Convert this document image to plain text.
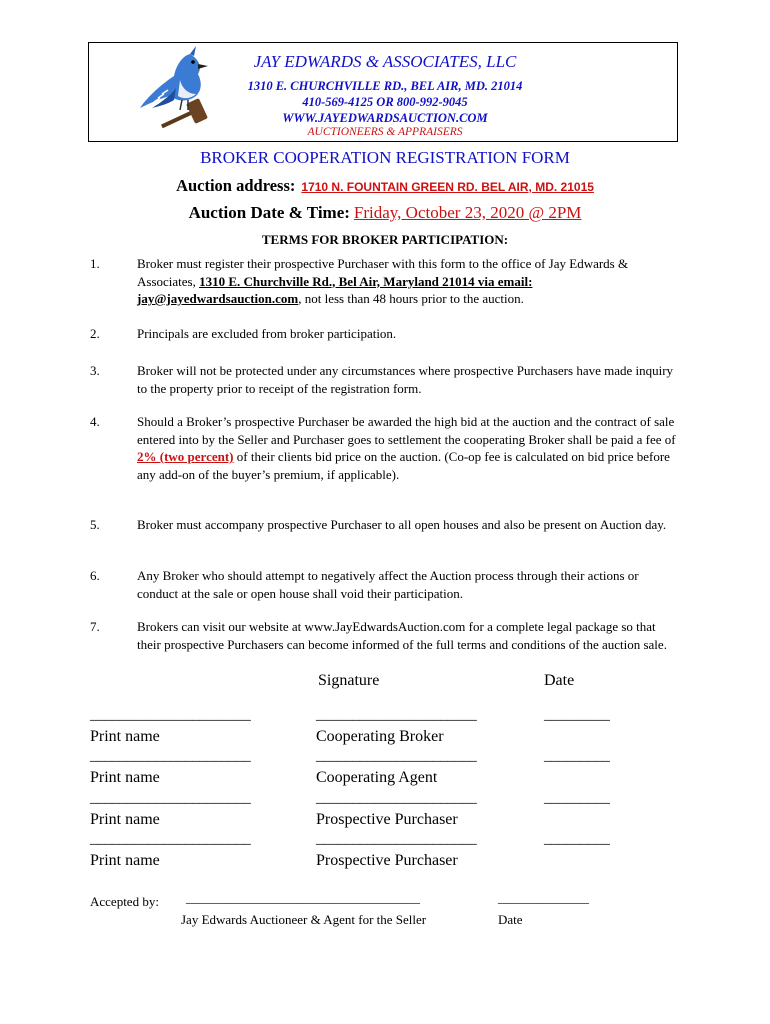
JAY EDWARDS & ASSOCIATES, LLC
1310 E. CHURCHVILLE RD., BEL AIR, MD. 21014
410-569-4125 OR 800-992-9045
WWW.JAYEDWARDSAUCTION.COM
AUCTIONEERS & APPRAISERS
BROKER COOPERATION REGISTRATION FORM
Auction address: 1710 N. FOUNTAIN GREEN RD. BEL AIR, MD. 21015
Auction Date & Time: Friday, October 23, 2020 @ 2PM
TERMS FOR BROKER PARTICIPATION:
1.	Broker must register their prospective Purchaser with this form to the office of Jay Edwards & Associates, 1310 E. Churchville Rd., Bel Air, Maryland 21014 via email: jay@jayedwardsauction.com, not less than 48 hours prior to the auction.
2.	Principals are excluded from broker participation.
3.	Broker will not be protected under any circumstances where prospective Purchasers have made inquiry to the property prior to receipt of the registration form.
4.	Should a Broker’s prospective Purchaser be awarded the high bid at the auction and the contract of sale entered into by the Seller and Purchaser goes to settlement the cooperating Broker shall be paid a fee of 2% (two percent) of their clients bid price on the auction. (Co-op fee is calculated on bid price before any add-on of the buyer’s premium, if applicable).
5.	Broker must accompany prospective Purchaser to all open houses and also be present on Auction day.
6.	Any Broker who should attempt to negatively affect the Auction process through their actions or conduct at the sale or open house shall void their participation.
7.	Brokers can visit our website at www.JayEdwardsAuction.com for a complete legal package so that their prospective Purchasers can become informed of the full terms and conditions of the auction sale.
Signature	Date
______________________	______________________	_________
Print name	Cooperating Broker
______________________	______________________	_________
Print name	Cooperating Agent
______________________	______________________	_________
Print name	Prospective Purchaser
______________________	______________________	_________
Print name	Prospective Purchaser
Accepted by: ____________________________________	______________
Jay Edwards Auctioneer & Agent for the Seller	Date
